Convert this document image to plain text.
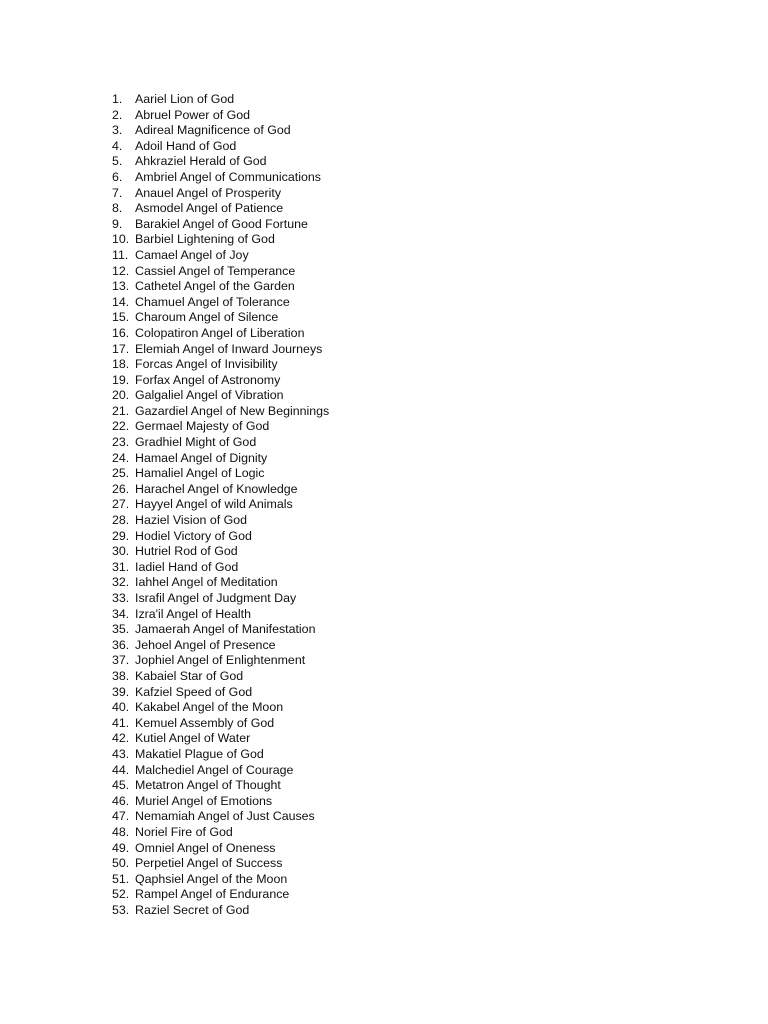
1.	Aariel Lion of God
2.	Abruel Power of God
3.	Adireal Magnificence of God
4.	Adoil Hand of God
5.	Ahkraziel Herald of God
6.	Ambriel Angel of Communications
7.	Anauel Angel of Prosperity
8.	Asmodel Angel of Patience
9.	Barakiel Angel of Good Fortune
10. Barbiel Lightening of God
11. Camael Angel of Joy
12. Cassiel Angel of Temperance
13. Cathetel Angel of the Garden
14. Chamuel Angel of Tolerance
15. Charoum Angel of Silence
16. Colopatiron Angel of Liberation
17. Elemiah Angel of Inward Journeys
18. Forcas Angel of Invisibility
19. Forfax Angel of Astronomy
20. Galgaliel Angel of Vibration
21. Gazardiel Angel of New Beginnings
22. Germael Majesty of God
23. Gradhiel Might of God
24. Hamael Angel of Dignity
25. Hamaliel Angel of Logic
26. Harachel Angel of Knowledge
27. Hayyel Angel of wild Animals
28. Haziel Vision of God
29. Hodiel Victory of God
30. Hutriel Rod of God
31. Iadiel Hand of God
32. Iahhel Angel of Meditation
33. Israfil Angel of Judgment Day
34. Izra'il Angel of Health
35. Jamaerah Angel of Manifestation
36. Jehoel Angel of Presence
37. Jophiel Angel of Enlightenment
38. Kabaiel Star of God
39. Kafziel Speed of God
40. Kakabel Angel of the Moon
41. Kemuel Assembly of God
42. Kutiel Angel of Water
43. Makatiel Plague of God
44. Malchediel Angel of Courage
45. Metatron Angel of Thought
46. Muriel Angel of Emotions
47. Nemamiah Angel of Just Causes
48. Noriel Fire of God
49. Omniel Angel of Oneness
50. Perpetiel Angel of Success
51. Qaphsiel Angel of the Moon
52. Rampel Angel of Endurance
53. Raziel Secret of God
